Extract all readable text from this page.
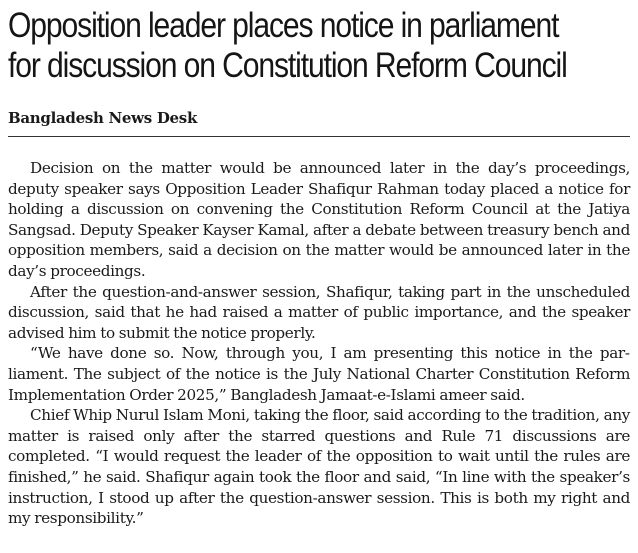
Opposition leader places notice in parliament
for discussion on Constitution Reform Council
Bangladesh News Desk

Decision on the matter would be announced later in the day’s proceedings, deputy speaker says Opposition Leader Shafiqur Rahman today placed a notice for holding a discussion on convening the Constitution Reform Council at the Jatiya Sangsad. Deputy Speaker Kayser Kamal, after a debate between treasury bench and opposition members, said a decision on the matter would be announced later in the day’s proceedings.

After the question-and-answer session, Shafiqur, taking part in the unscheduled discussion, said that he had raised a matter of public importance, and the speaker advised him to submit the notice properly.

“We have done so. Now, through you, I am presenting this notice in the parliament. The subject of the notice is the July National Charter Constitution Reform Implementation Order 2025,” Bangladesh Jamaat-e-Islami ameer said.

Chief Whip Nurul Islam Moni, taking the floor, said according to the tradition, any matter is raised only after the starred questions and Rule 71 discussions are completed. “I would request the leader of the opposition to wait until the rules are finished,” he said. Shafiqur again took the floor and said, “In line with the speaker’s instruction, I stood up after the question-answer session. This is both my right and my responsibility.”
